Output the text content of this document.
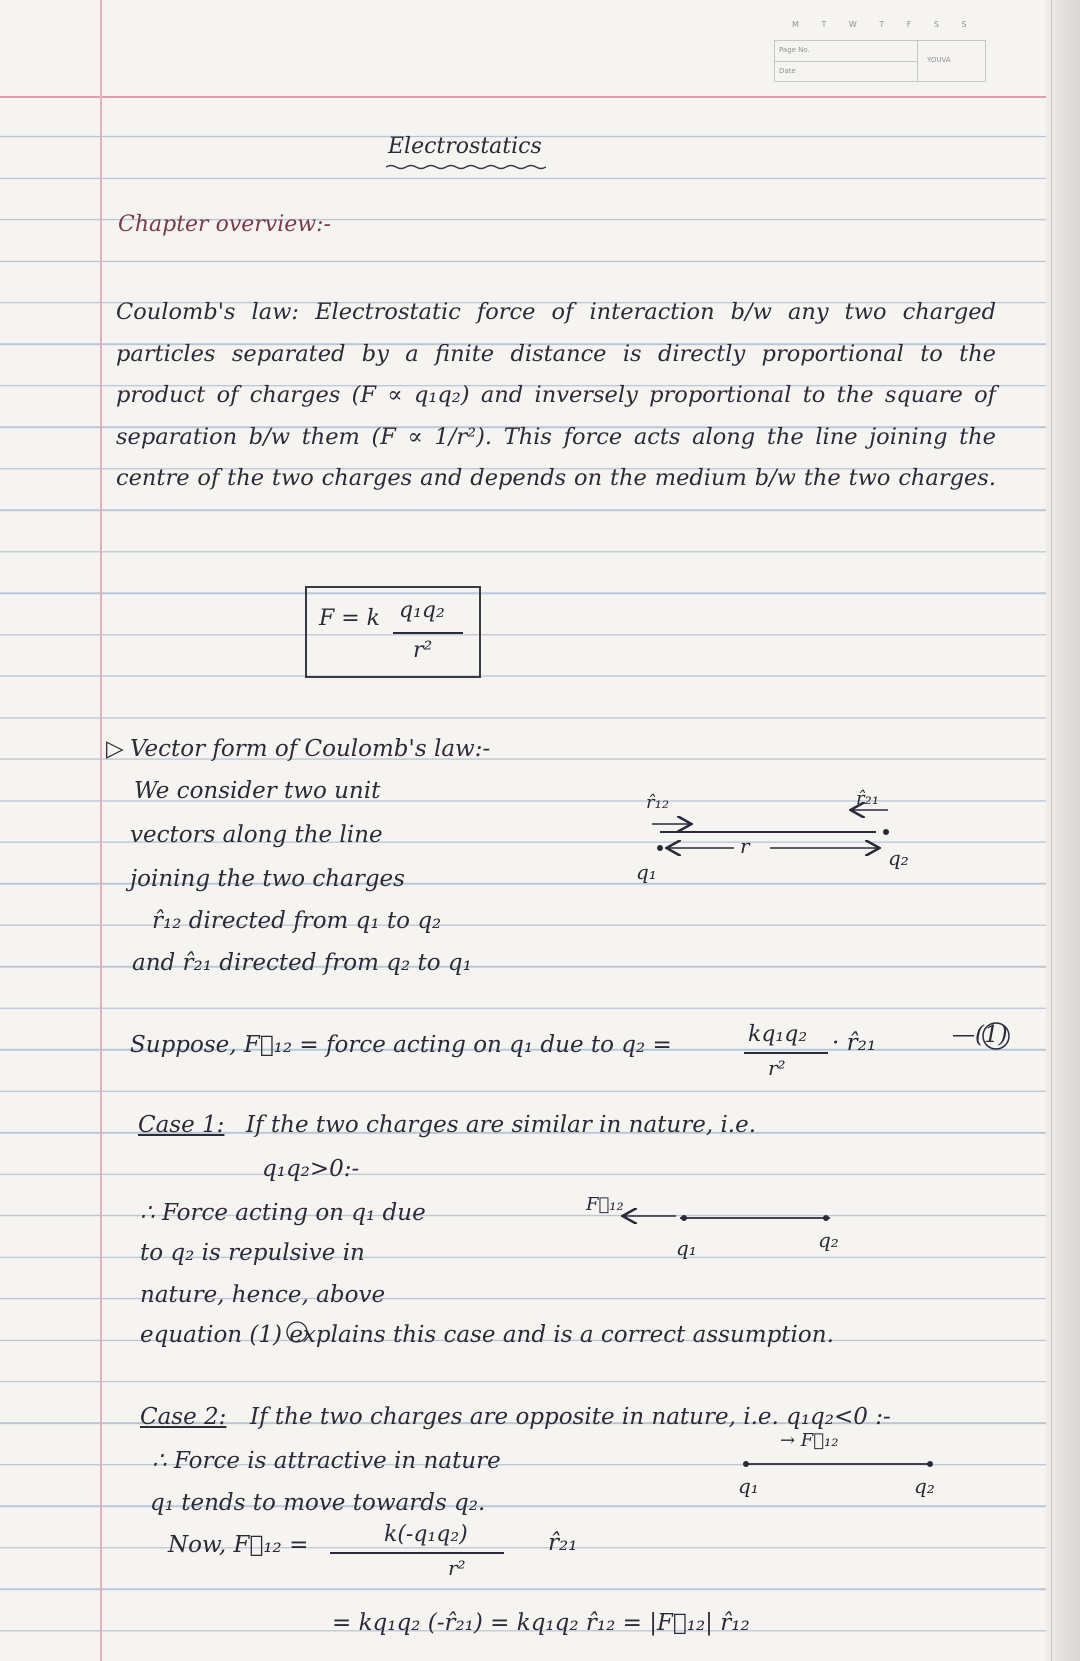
M T W T F S S
Page No.
Date
YOUVA
Electrostatics
Chapter overview:-

Coulomb's law: Electrostatic force of interaction b/w any two charged particles separated by a finite distance is directly proportional to the product of charges (F ∝ q₁q₂) and inversely proportional to the square of separation b/w them (F ∝ 1/r²). This force acts along the line joining the centre of the two charges and depends on the medium b/w the two charges.

F = k q₁q₂
r²
▷ Vector form of Coulomb's law:-
We consider two unit
vectors along the line
joining the two charges
r̂₁₂ directed from q₁ to q₂
and r̂₂₁ directed from q₂ to q₁
r̂₁₂	r̂₂₁
q₁
q₂
r
Suppose, F⃗₁₂ = force acting on q₁ due to q₂ =	kq₁q₂
r²
· r̂₂₁	—(1)
Case 1: If the two charges are similar in nature, i.e.
q₁q₂>0:-
∴ Force acting on q₁ due
to q₂ is repulsive in
nature, hence, above
equation (1) explains this case and is a correct assumption.
F⃗₁₂
q₁	q₂
Case 2: If the two charges are opposite in nature, i.e. q₁q₂<0 :-
∴ Force is attractive in nature
q₁ tends to move towards q₂.
→ F⃗₁₂
q₁	q₂
Now, F⃗₁₂ =	k(-q₁q₂)
r²
r̂₂₁
= kq₁q₂ (-r̂₂₁) = kq₁q₂ r̂₁₂ = |F⃗₁₂| r̂₁₂
